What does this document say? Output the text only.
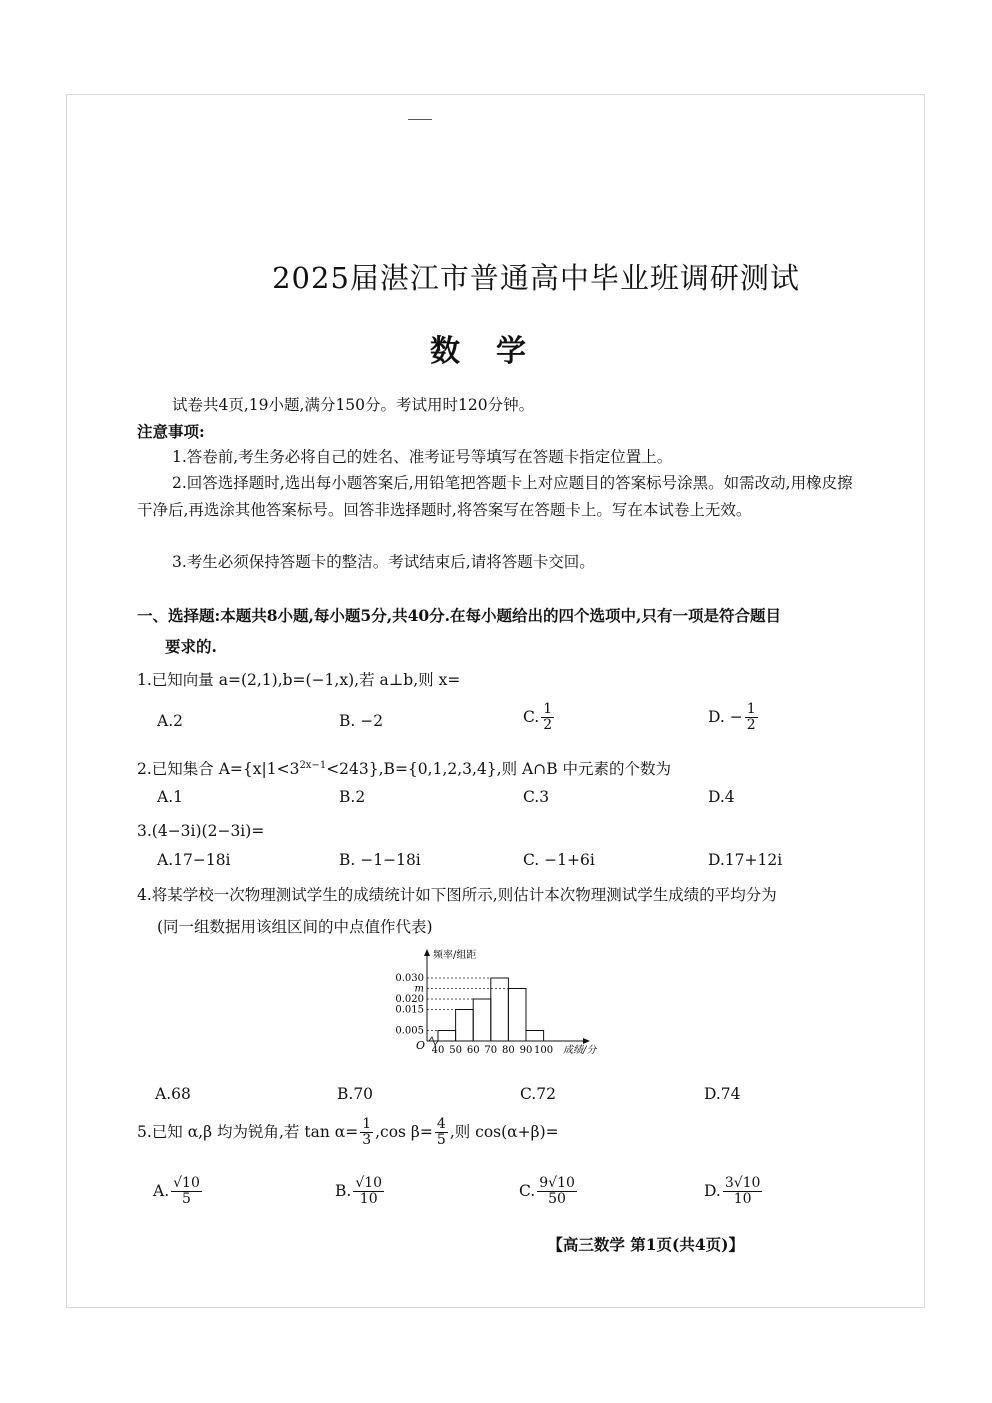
2025届湛江市普通高中毕业班调研测试
数学
试卷共4页,19小题,满分150分。考试用时120分钟。
注意事项:
1.答卷前,考生务必将自己的姓名、准考证号等填写在答题卡指定位置上。
2.回答选择题时,选出每小题答案后,用铅笔把答题卡上对应题目的答案标号涂黑。如需改动,用橡皮擦干净后,再选涂其他答案标号。回答非选择题时,将答案写在答题卡上。写在本试卷上无效。
3.考生必须保持答题卡的整洁。考试结束后,请将答题卡交回。
一、选择题:本题共8小题,每小题5分,共40分.在每小题给出的四个选项中,只有一项是符合题目
要求的.
1.已知向量 a=(2,1),b=(−1,x),若 a⊥b,则 x=
A.2	B. −2	C. $\frac{1}{2}$	D. − $\frac{1}{2}$
2.已知集合 $A=\{x|1<3^{2x-1}<243\},B=\{0,1,2,3,4\}$,则 A∩B 中元素的个数为
A.1	B.2	C.3	D.4
3.(4−3i)(2−3i)=
A.17−18i	B. −1−18i	C. −1+6i	D.17+12i
4.将某学校一次物理测试学生的成绩统计如下图所示,则估计本次物理测试学生成绩的平均分为
(同一组数据用该组区间的中点值作代表)
0.005
0.015
0.020
m
0.030
40 50 60 70 80 90 100
O
频率/组距
成绩/分
A.68	B.70	C.72	D.74
5.已知 α,β 均为锐角,若 $\tan \alpha= \frac{1}{3} ,\cos$ $\beta= \frac{4}{5}$ ,则 cos(α+β)=
A. $\frac{√10}{5}$	B. $\frac{√10}{10}$	C. $\frac{9√10}{50}$	D. $\frac{3√10}{10}$
【高三数学 第1页(共4页)】
